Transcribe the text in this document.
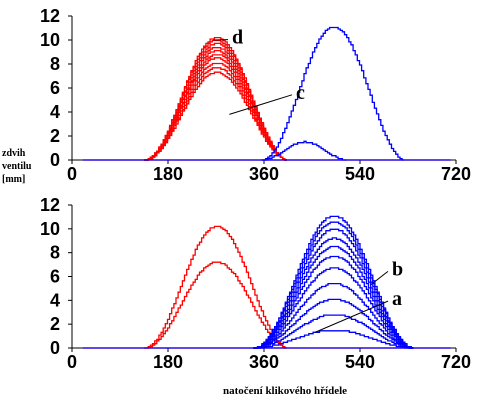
0
2
4
6
8
10
12
0	180	360	540	720
zdvih
ventilu
[mm]
d
c
0
2
4
6
8
10
12
0	180	360	540	720
natočení klikového hřídele
b
a
